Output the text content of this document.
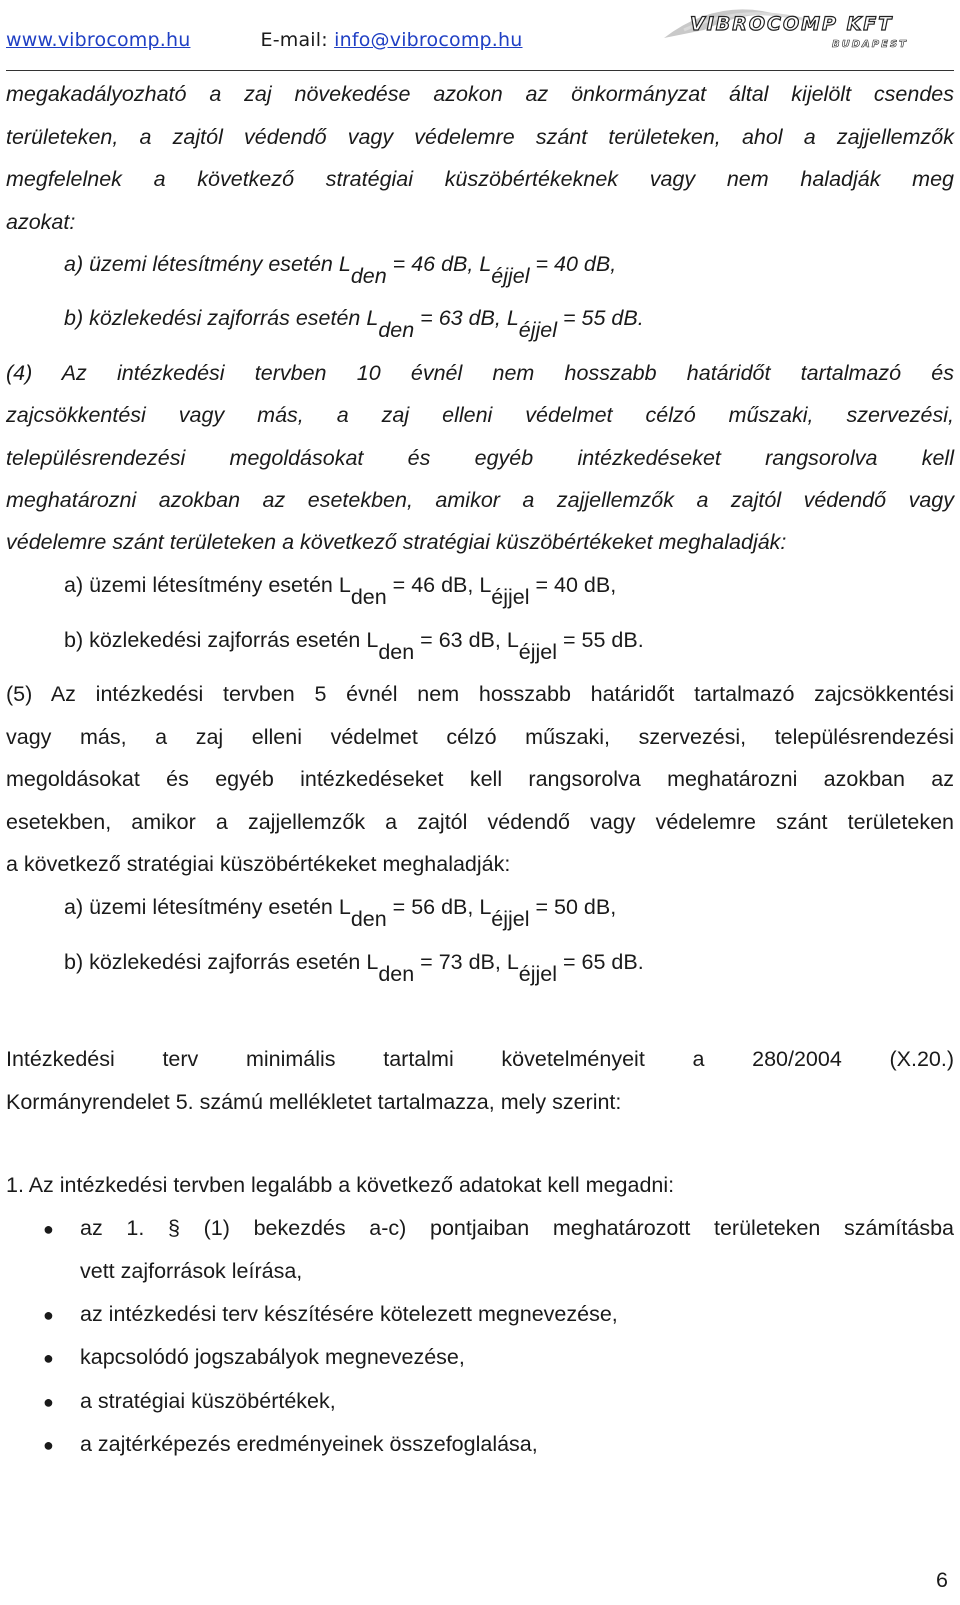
www.vibrocomp.hu	E-mail: info@vibrocomp.hu
VIBROCOMP KFT
BUDAPEST
megakadályozható a zaj növekedése azokon az önkormányzat által kijelölt csendes
területeken, a zajtól védendő vagy védelemre szánt területeken, ahol a zajjellemzők
megfelelnek a következő stratégiai küszöbértékeknek vagy nem haladják meg
azokat:
a) üzemi létesítmény esetén Lden = 46 dB, Léjjel = 40 dB,
b) közlekedési zajforrás esetén Lden = 63 dB, Léjjel = 55 dB.
(4) Az intézkedési tervben 10 évnél nem hosszabb határidőt tartalmazó és
zajcsökkentési vagy más, a zaj elleni védelmet célzó műszaki, szervezési,
településrendezési megoldásokat és egyéb intézkedéseket rangsorolva kell
meghatározni azokban az esetekben, amikor a zajjellemzők a zajtól védendő vagy
védelemre szánt területeken a következő stratégiai küszöbértékeket meghaladják:
a) üzemi létesítmény esetén Lden = 46 dB, Léjjel = 40 dB,
b) közlekedési zajforrás esetén Lden = 63 dB, Léjjel = 55 dB.
(5) Az intézkedési tervben 5 évnél nem hosszabb határidőt tartalmazó zajcsökkentési
vagy más, a zaj elleni védelmet célzó műszaki, szervezési, településrendezési
megoldásokat és egyéb intézkedéseket kell rangsorolva meghatározni azokban az
esetekben, amikor a zajjellemzők a zajtól védendő vagy védelemre szánt területeken
a következő stratégiai küszöbértékeket meghaladják:
a) üzemi létesítmény esetén Lden = 56 dB, Léjjel = 50 dB,
b) közlekedési zajforrás esetén Lden = 73 dB, Léjjel = 65 dB.
Intézkedési terv minimális tartalmi követelményeit a 280/2004 (X.20.)
Kormányrendelet 5. számú mellékletet tartalmazza, mely szerint:
1. Az intézkedési tervben legalább a következő adatokat kell megadni:
● az 1. § (1) bekezdés a-c) pontjaiban meghatározott területeken számításba
vett zajforrások leírása,
● az intézkedési terv készítésére kötelezett megnevezése,
● kapcsolódó jogszabályok megnevezése,
● a stratégiai küszöbértékek,
● a zajtérképezés eredményeinek összefoglalása,
6
